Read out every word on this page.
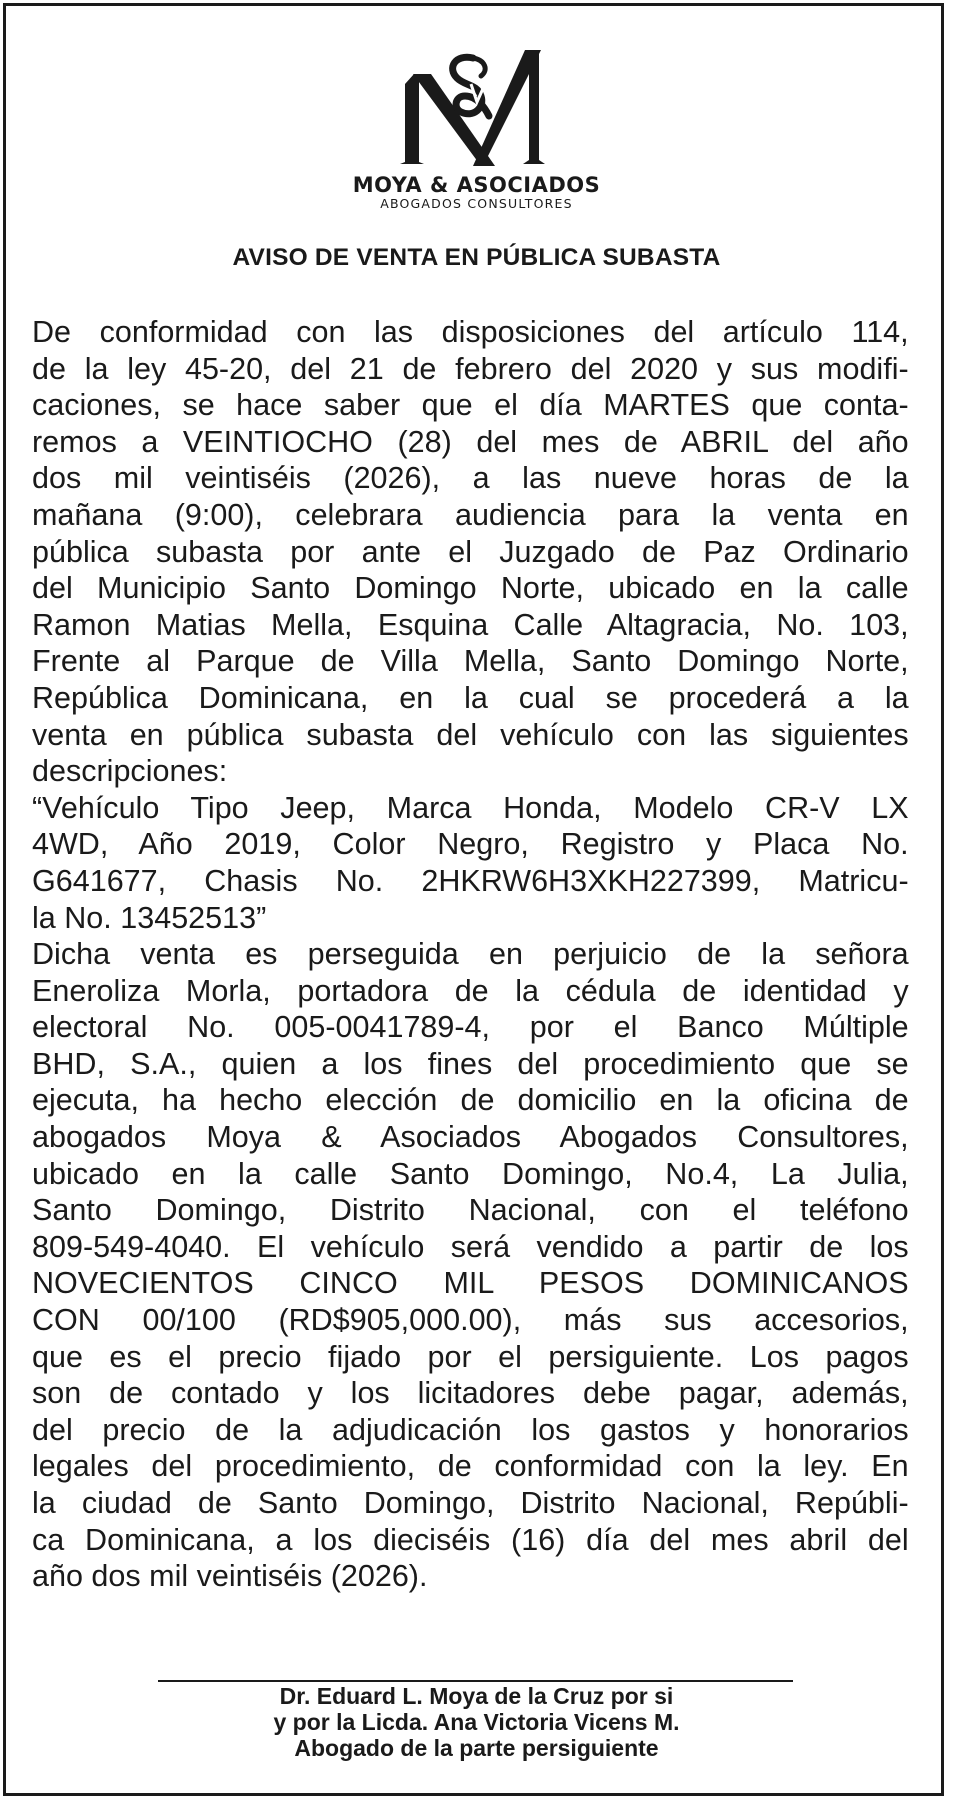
MOYA & ASOCIADOS
ABOGADOS CONSULTORES
AVISO DE VENTA EN PÚBLICA SUBASTA
De conformidad con las disposiciones del artículo 114,
de la ley 45-20, del 21 de febrero del 2020 y sus modifi-
caciones, se hace saber que el día MARTES que conta-
remos a VEINTIOCHO (28) del mes de ABRIL del año
dos mil veintiséis (2026), a las nueve horas de la
mañana (9:00), celebrara audiencia para la venta en
pública subasta por ante el Juzgado de Paz Ordinario
del Municipio Santo Domingo Norte, ubicado en la calle
Ramon Matias Mella, Esquina Calle Altagracia, No. 103,
Frente al Parque de Villa Mella, Santo Domingo Norte,
República Dominicana, en la cual se procederá a la
venta en pública subasta del vehículo con las siguientes
descripciones:
“Vehículo Tipo Jeep, Marca Honda, Modelo CR-V LX
4WD, Año 2019, Color Negro, Registro y Placa No.
G641677, Chasis No. 2HKRW6H3XKH227399, Matricu-
la No. 13452513”
Dicha venta es perseguida en perjuicio de la señora
Eneroliza Morla, portadora de la cédula de identidad y
electoral No. 005-0041789-4, por el Banco Múltiple
BHD, S.A., quien a los fines del procedimiento que se
ejecuta, ha hecho elección de domicilio en la oficina de
abogados Moya & Asociados Abogados Consultores,
ubicado en la calle Santo Domingo, No.4, La Julia,
Santo Domingo, Distrito Nacional, con el teléfono
809-549-4040. El vehículo será vendido a partir de los
NOVECIENTOS CINCO MIL PESOS DOMINICANOS
CON 00/100 (RD$905,000.00), más sus accesorios,
que es el precio fijado por el persiguiente. Los pagos
son de contado y los licitadores debe pagar, además,
del precio de la adjudicación los gastos y honorarios
legales del procedimiento, de conformidad con la ley. En
la ciudad de Santo Domingo, Distrito Nacional, Repúbli-
ca Dominicana, a los dieciséis (16) día del mes abril del
año dos mil veintiséis (2026).
Dr. Eduard L. Moya de la Cruz por si
y por la Licda. Ana Victoria Vicens M.
Abogado de la parte persiguiente
